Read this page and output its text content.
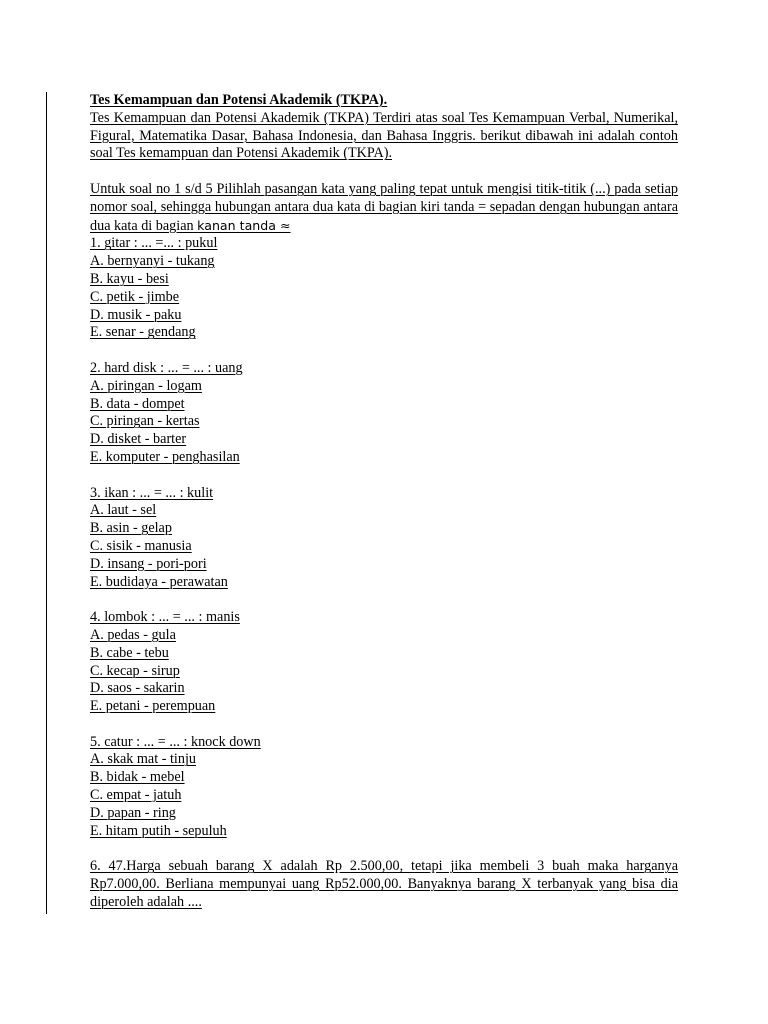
Tes Kemampuan dan Potensi Akademik (TKPA).

Tes Kemampuan dan Potensi Akademik (TKPA) Terdiri atas soal Tes Kemampuan Verbal, Numerikal, Figural, Matematika Dasar, Bahasa Indonesia, dan Bahasa Inggris. berikut dibawah ini adalah contoh soal Tes kemampuan dan Potensi Akademik (TKPA).

Untuk soal no 1 s/d 5 Pilihlah pasangan kata yang paling tepat untuk mengisi titik-titik (...) pada setiap nomor soal, sehingga hubungan antara dua kata di bagian kiri tanda = sepadan dengan hubungan antara dua kata di bagian kanan tanda ≈

1. gitar : ... =... : pukul
A. bernyanyi - tukang
B. kayu - besi
C. petik - jimbe
D. musik - paku
E. senar - gendang
2. hard disk : ... = ... : uang
A. piringan - logam
B. data - dompet
C. piringan - kertas
D. disket - barter
E. komputer - penghasilan
3. ikan : ... = ... : kulit
A. laut - sel
B. asin - gelap
C. sisik - manusia
D. insang - pori-pori
E. budidaya - perawatan
4. lombok : ... = ... : manis
A. pedas - gula
B. cabe - tebu
C. kecap - sirup
D. saos - sakarin
E. petani - perempuan
5. catur : ... = ... : knock down
A. skak mat - tinju
B. bidak - mebel
C. empat - jatuh
D. papan - ring
E. hitam putih - sepuluh

6. 47.Harga sebuah barang X adalah Rp 2.500,00, tetapi jika membeli 3 buah maka harganya Rp7.000,00. Berliana mempunyai uang Rp52.000,00. Banyaknya barang X terbanyak yang bisa dia diperoleh adalah ....
